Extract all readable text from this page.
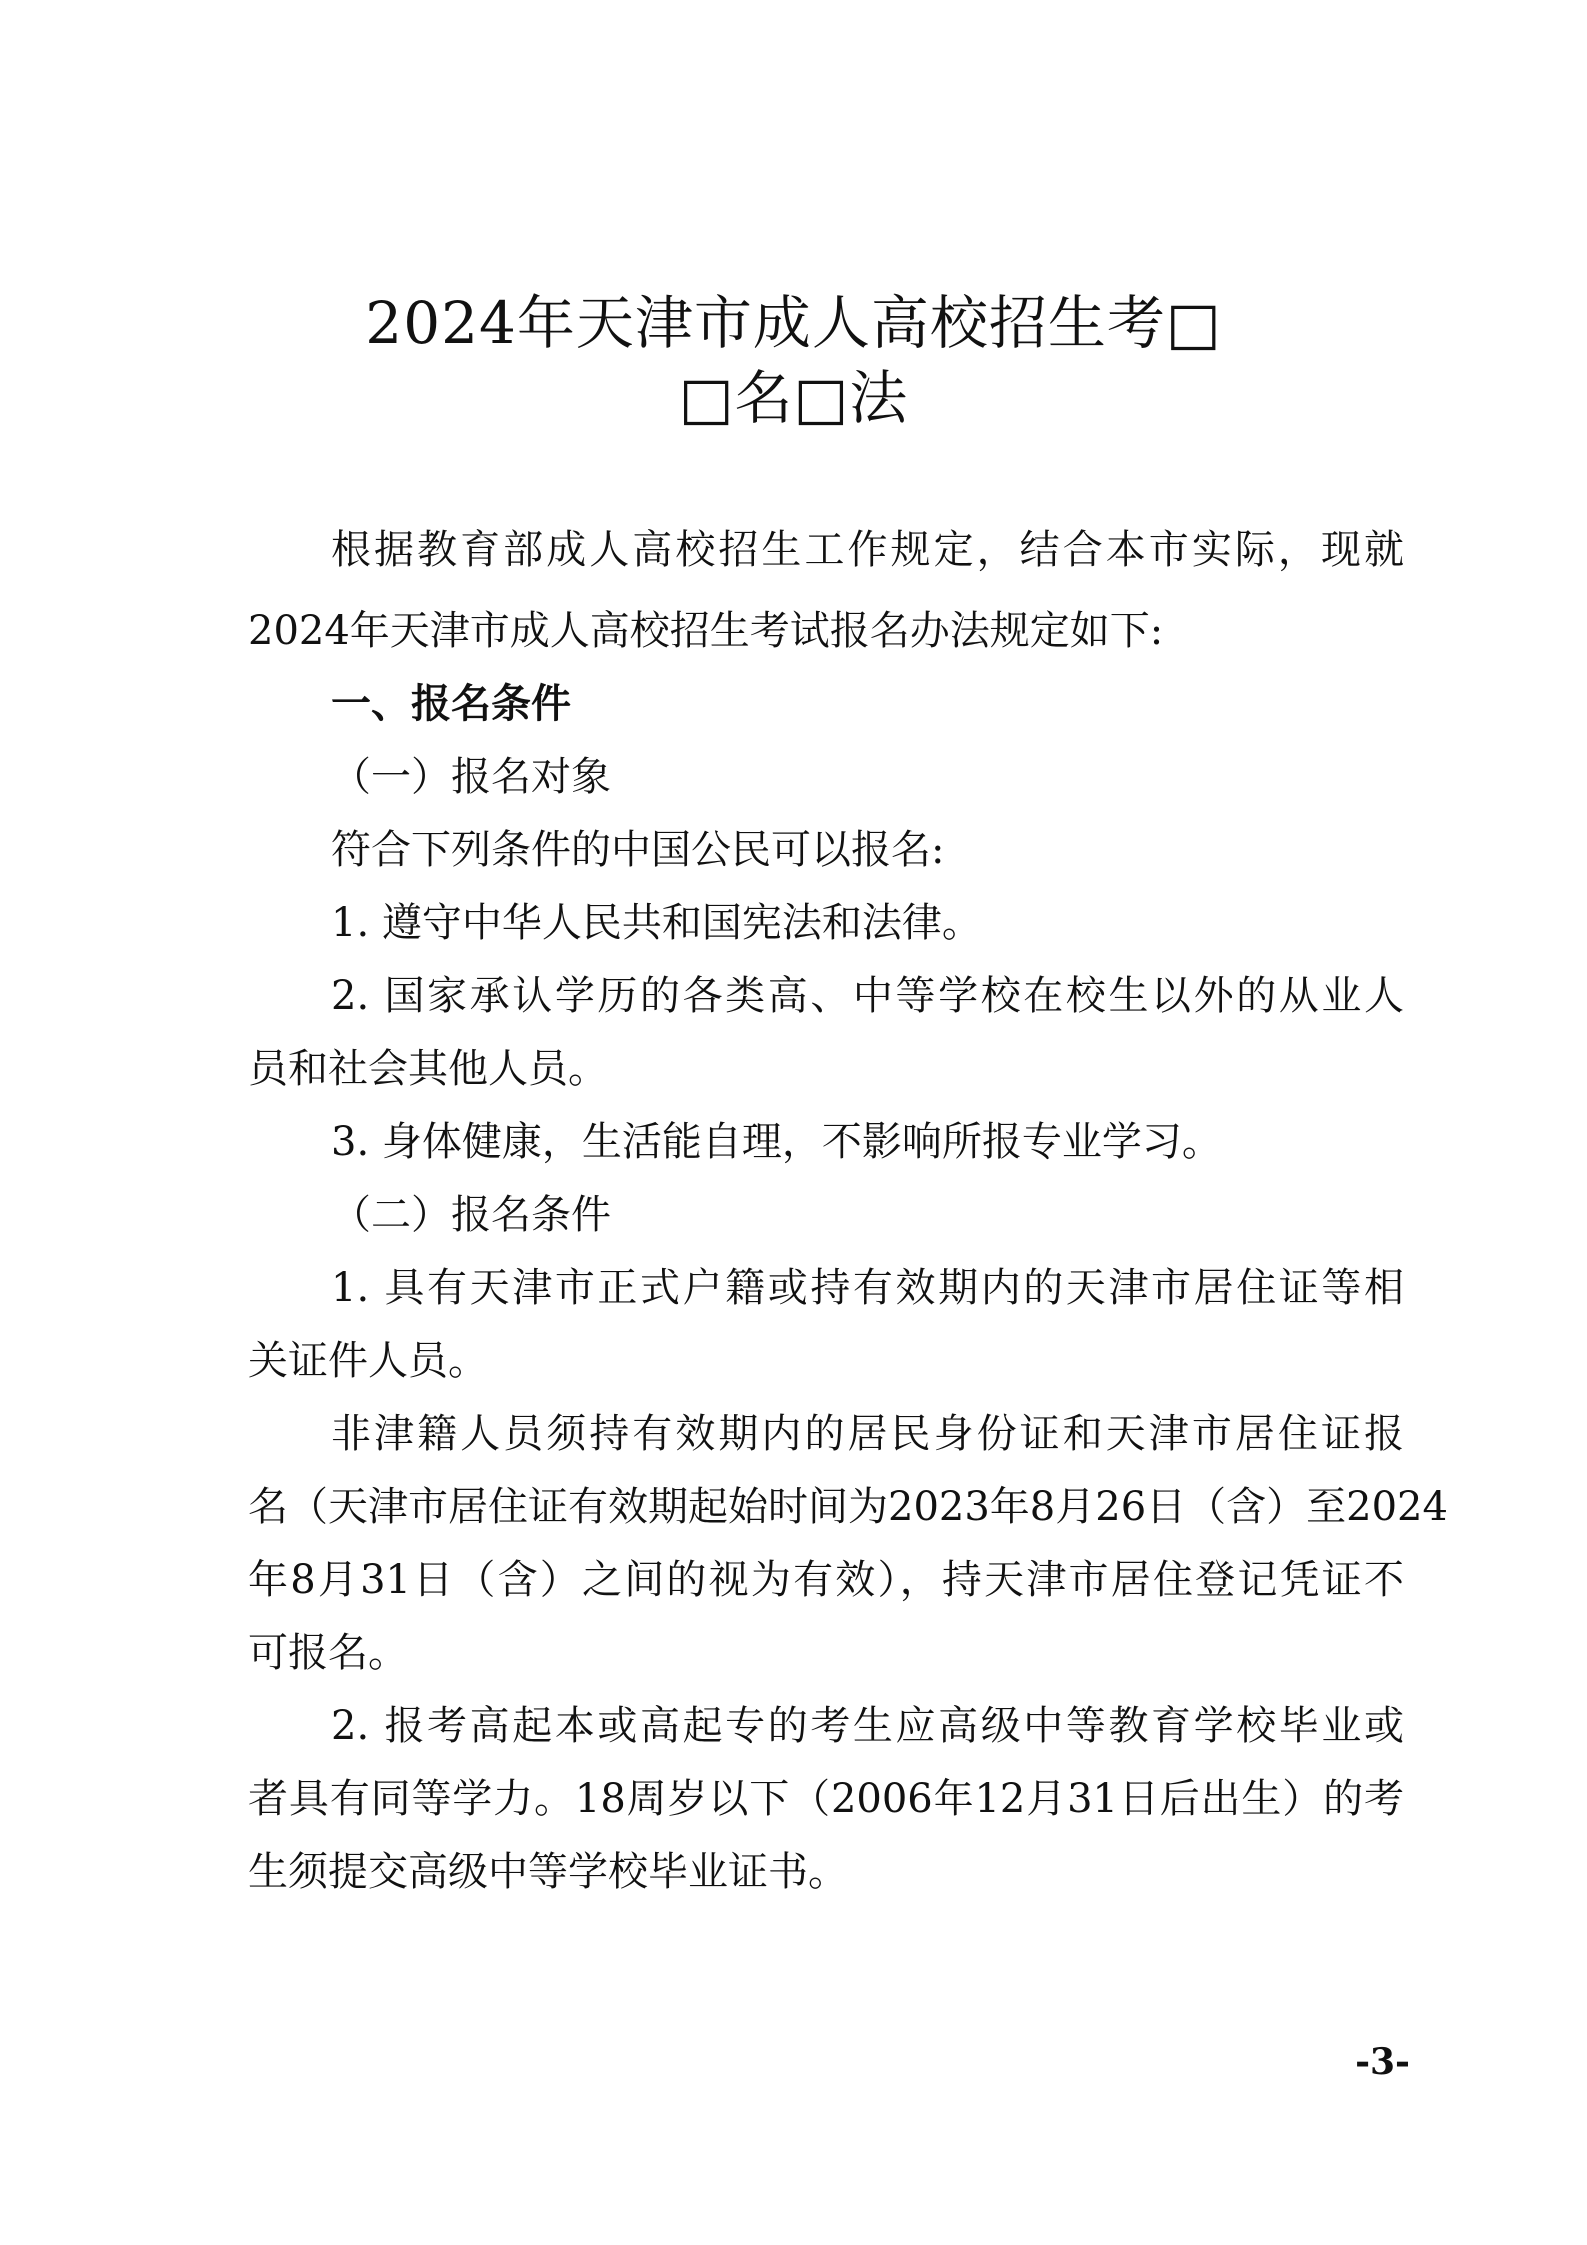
2024年天津市成人高校招生考□
□名□法
根据教育部成人高校招生工作规定，结合本市实际，现就
2024年天津市成人高校招生考试报名办法规定如下:
一、报名条件
（一）报名对象
符合下列条件的中国公民可以报名:
1. 遵守中华人民共和国宪法和法律。
2. 国家承认学历的各类高、中等学校在校生以外的从业人
员和社会其他人员。
3. 身体健康，生活能自理，不影响所报专业学习。
（二）报名条件
1. 具有天津市正式户籍或持有效期内的天津市居住证等相
关证件人员。
非津籍人员须持有效期内的居民身份证和天津市居住证报
名（天津市居住证有效期起始时间为2023年8月26日（含）至2024
年8月31日（含）之间的视为有效），持天津市居住登记凭证不
可报名。
2. 报考高起本或高起专的考生应高级中等教育学校毕业或
者具有同等学力。18周岁以下（2006年12月31日后出生）的考
生须提交高级中等学校毕业证书。
-3-
